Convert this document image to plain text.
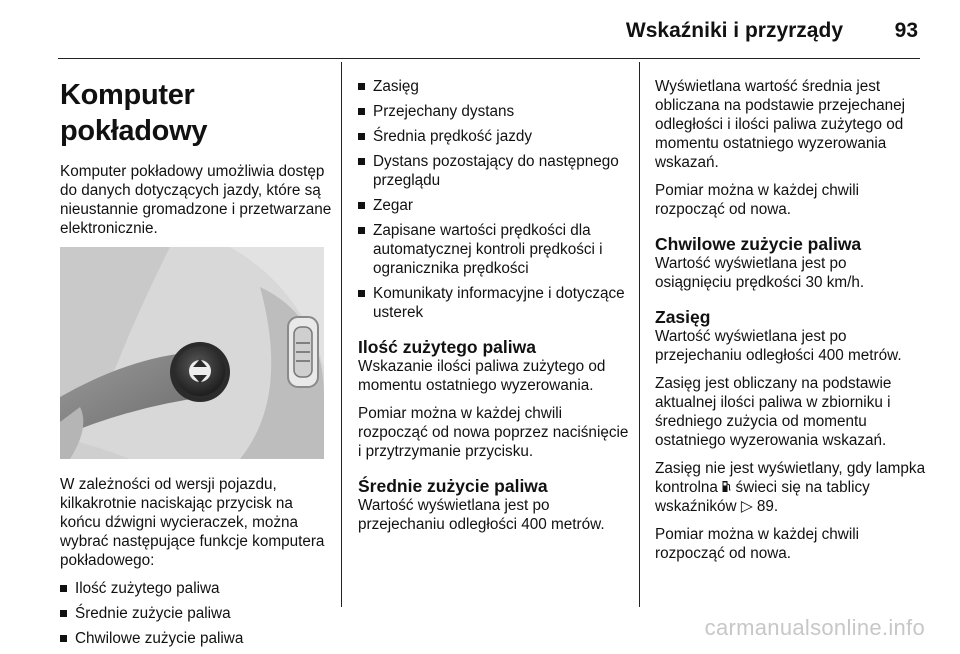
Wskaźniki i przyrządy 93
Komputer pokładowy

Komputer pokładowy umożliwia dostęp do danych dotyczących jazdy, które są nieustannie gromadzone i przetwarzane elektronicznie.

W zależności od wersji pojazdu, kilkakrotnie naciskając przycisk na końcu dźwigni wycieraczek, można wybrać następujące funkcje komputera pokładowego:

Ilość zużytego paliwa
Średnie zużycie paliwa
Chwilowe zużycie paliwa
Zasięg
Przejechany dystans
Średnia prędkość jazdy
Dystans pozostający do następnego przeglądu
Zegar
Zapisane wartości prędkości dla automatycznej kontroli prędkości i ogranicznika prędkości
Komunikaty informacyjne i dotyczące usterek
Ilość zużytego paliwa

Wskazanie ilości paliwa zużytego od momentu ostatniego wyzerowania.

Pomiar można w każdej chwili rozpocząć od nowa poprzez naciśnięcie i przytrzymanie przycisku.

Średnie zużycie paliwa

Wartość wyświetlana jest po przejechaniu odległości 400 metrów.

Wyświetlana wartość średnia jest obliczana na podstawie przejechanej odległości i ilości paliwa zużytego od momentu ostatniego wyzerowania wskazań.

Pomiar można w każdej chwili rozpocząć od nowa.

Chwilowe zużycie paliwa

Wartość wyświetlana jest po osiągnięciu prędkości 30 km/h.

Zasięg

Wartość wyświetlana jest po przejechaniu odległości 400 metrów.

Zasięg jest obliczany na podstawie aktualnej ilości paliwa w zbiorniku i średniego zużycia od momentu ostatniego wyzerowania wskazań.

Zasięg nie jest wyświetlany, gdy lampka kontrolna świeci się na tablicy wskaźników ▷ 89.

Pomiar można w każdej chwili rozpocząć od nowa.

carmanualsonline.info
